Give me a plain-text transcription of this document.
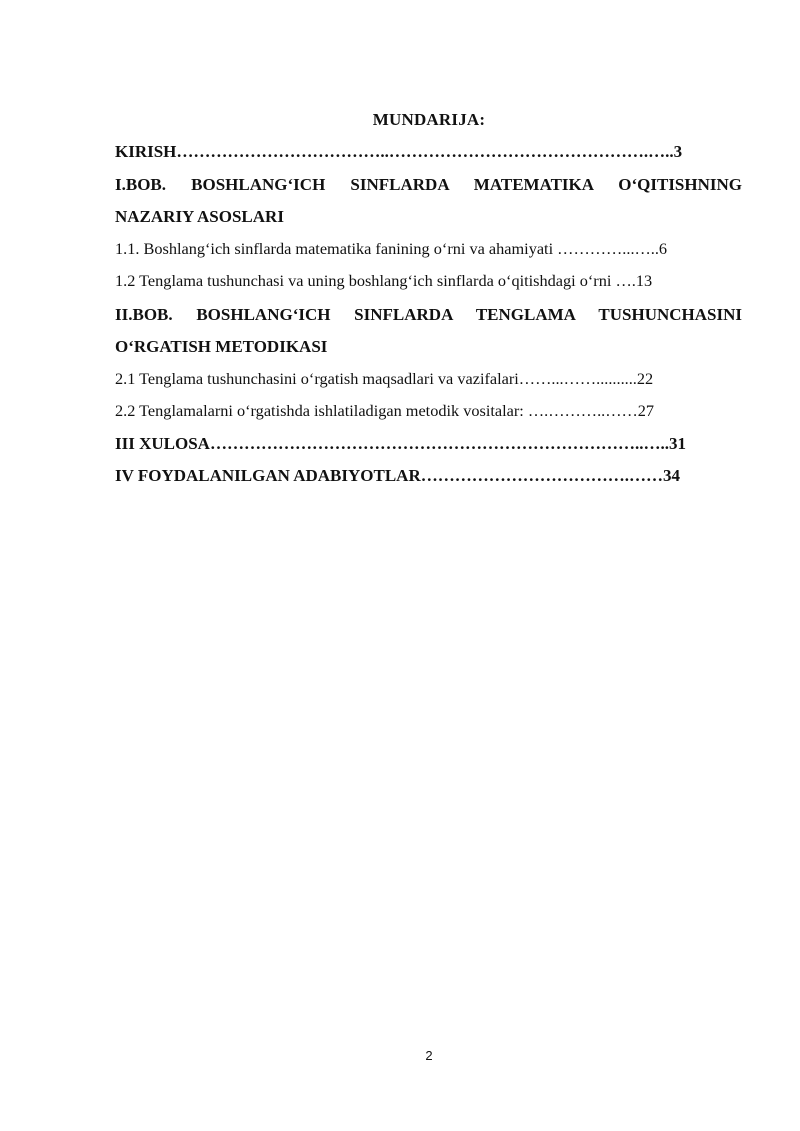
MUNDARIJA:
KIRISH………………………………..……………………………………….…..3
I.BOB. BOSHLANG‘ICH SINFLARDA MATEMATIKA O‘QITISHNING
NAZARIY ASOSLARI
1.1. Boshlang‘ich sinflarda matematika fanining o‘rni va ahamiyati …………...…..6
1.2 Tenglama tushunchasi va uning boshlang‘ich sinflarda o‘qitishdagi o‘rni ….13
II.BOB. BOSHLANG‘ICH SINFLARDA TENGLAMA TUSHUNCHASINI
O‘RGATISH METODIKASI
2.1 Tenglama tushunchasini o‘rgatish maqsadlari va vazifalari……...……..........22
2.2 Tenglamalarni o‘rgatishda ishlatiladigan metodik vositalar: ….………..……27
III XULOSA…………………………………………………………………..…..31
IV FOYDALANILGAN ADABIYOTLAR……………………………….……34
2
